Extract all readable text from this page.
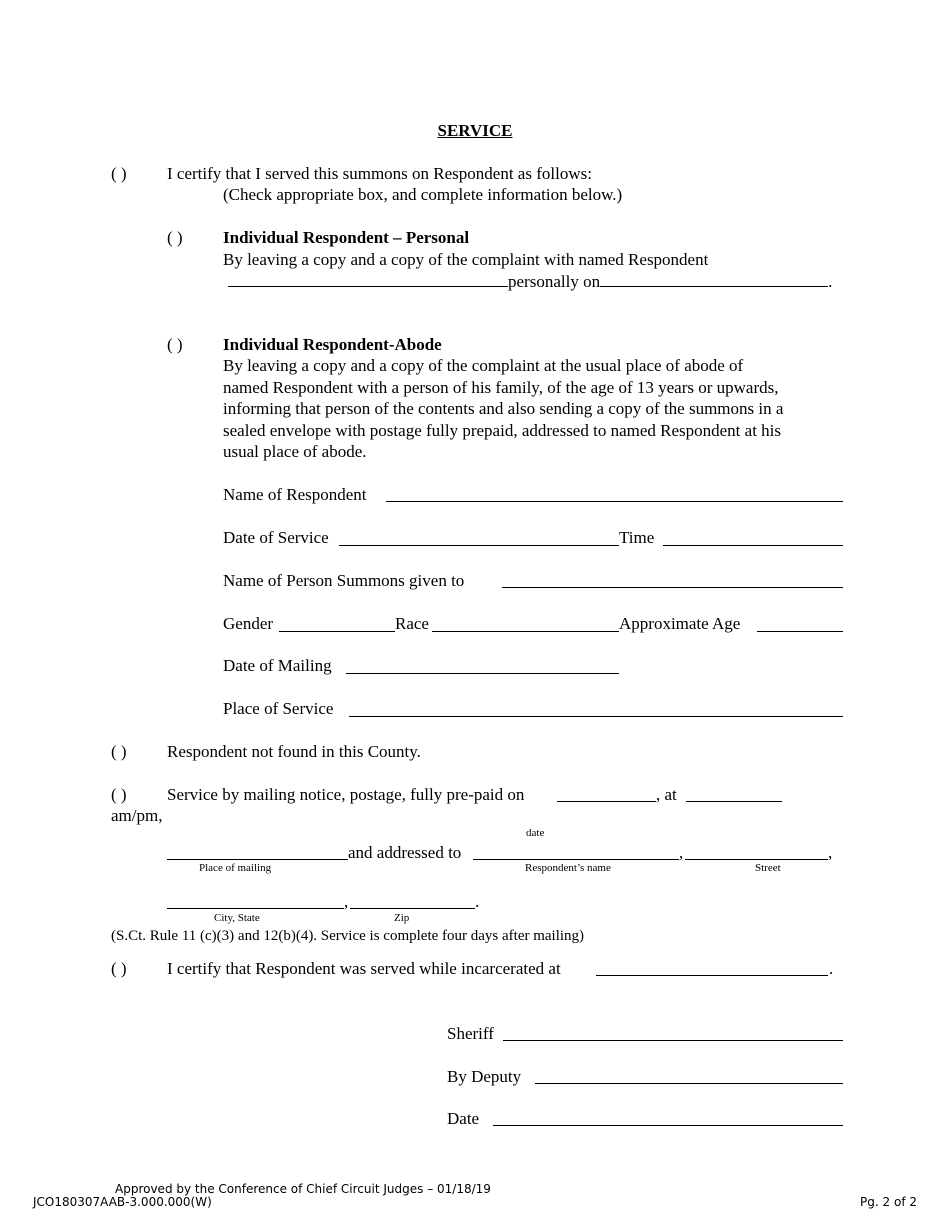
SERVICE
( ) I certify that I served this summons on Respondent as follows:
(Check appropriate box, and complete information below.)
( ) Individual Respondent – Personal
By leaving a copy and a copy of the complaint with named Respondent
personally on	.
( ) Individual Respondent-Abode
By leaving a copy and a copy of the complaint at the usual place of abode of
named Respondent with a person of his family, of the age of 13 years or upwards,
informing that person of the contents and also sending a copy of the summons in a
sealed envelope with postage fully prepaid, addressed to named Respondent at his
usual place of abode.
Name of Respondent
Date of Service	Time
Name of Person Summons given to
Gender	Race	Approximate Age
Date of Mailing
Place of Service
( ) Respondent not found in this County.
( ) Service by mailing notice, postage, fully pre-paid on	, at
am/pm,
date
and addressed to	,	,
Place of mailing	Respondent’s name	Street
,	.
City, State	Zip
(S.Ct. Rule 11 (c)(3) and 12(b)(4). Service is complete four days after mailing)
( ) I certify that Respondent was served while incarcerated at	.
Sheriff
By Deputy
Date
Approved by the Conference of Chief Circuit Judges – 01/18/19
JCO180307AAB-3.000.000(W)	Pg. 2 of 2
